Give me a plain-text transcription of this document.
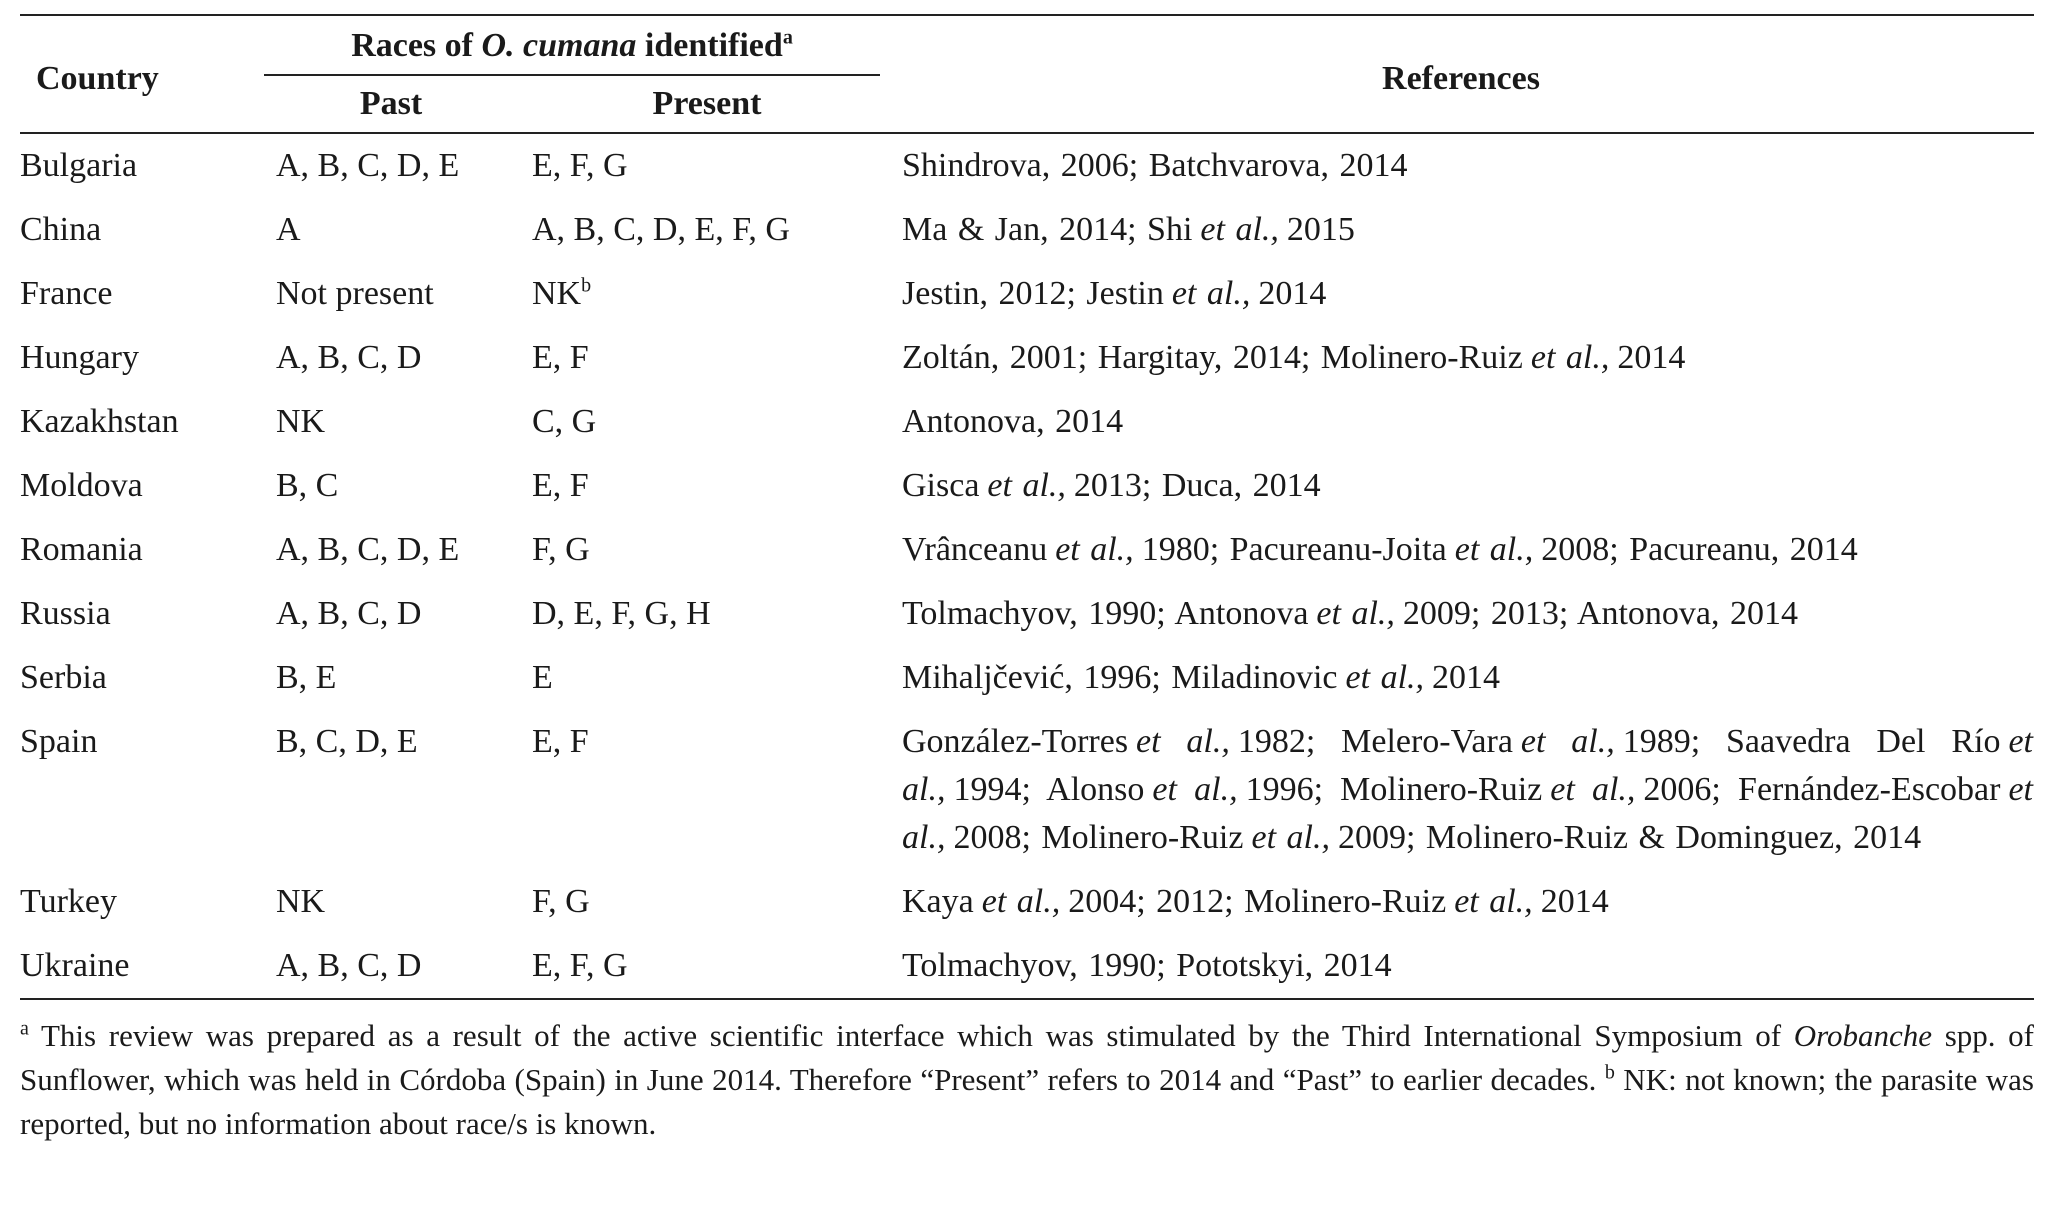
Country	Races of O. cumana identified$^a$		References
	Past	Present	
Bulgaria	A, B, C, D, E	E, F, G	Shindrova, 2006; Batchvarova, 2014
China	A	A, B, C, D, E, F, G	Ma & Jan, 2014; Shi et al., 2015
France	Not present	$NK^b$	Jestin, 2012; Jestin et al., 2014
Hungary	A, B, C, D	E, F	Zoltán, 2001; Hargitay, 2014; Molinero-Ruiz et al., 2014
Kazakhstan	NK	C, G	Antonova, 2014
Moldova	B, C	E, F	Gisca et al., 2013; Duca, 2014
Romania	A, B, C, D, E	F, G	Vrânceanu et al., 1980; Pacureanu-Joita et al., 2008; Pacureanu, 2014
Russia	A, B, C, D	D, E, F, G, H	Tolmachyov, 1990; Antonova et al., 2009; 2013; Antonova, 2014
Serbia	B, E	E	Mihaljčević, 1996; Miladinovic et al., 2014
Spain	B, C, D, E	E, F	González-Torres et al., 1982; Melero-Vara et al., 1989; Saavedra Del Río et al., 1994; Alonso et al., 1996; Molinero-Ruiz et al., 2006; Fernández-Escobar et al., 2008; Molinero-Ruiz et al., 2009; Molinero-Ruiz & Dominguez, 2014
Turkey	NK	F, G	Kaya et al., 2004; 2012; Molinero-Ruiz et al., 2014
Ukraine	A, B, C, D	E, F, G	Tolmachyov, 1990; Pototskyi, 2014

$^a$ This review was prepared as a result of the active scientific interface which was stimulated by the Third International Symposium of Orobanche spp. of Sunflower, which was held in Córdoba (Spain) in June 2014. Therefore “Present” refers to 2014 and “Past” to earlier decades. $^b$ NK: not known; the parasite was reported, but no information about race/s is known.
